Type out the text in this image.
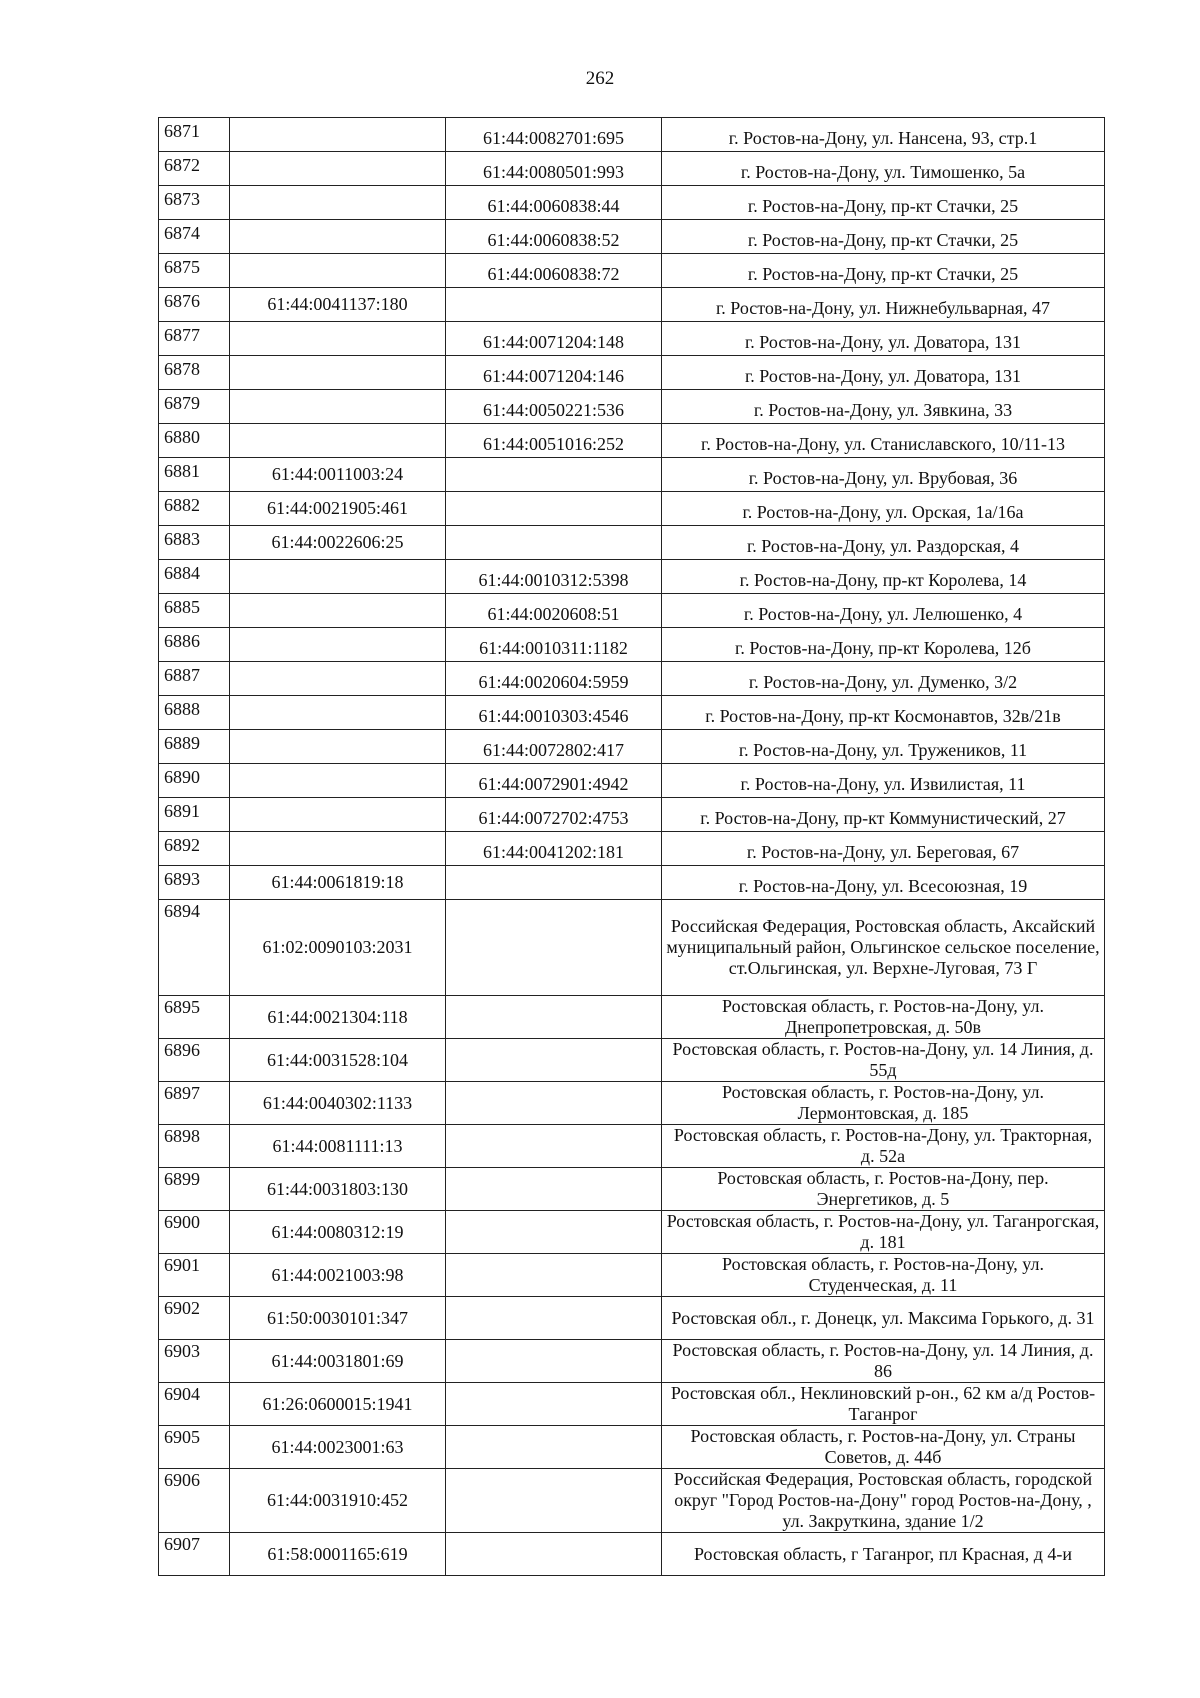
262
6871		61:44:0082701:695	г. Ростов-на-Дону, ул. Нансена, 93, стр.1
6872		61:44:0080501:993	г. Ростов-на-Дону, ул. Тимошенко, 5а
6873		61:44:0060838:44	г. Ростов-на-Дону, пр-кт Стачки, 25
6874		61:44:0060838:52	г. Ростов-на-Дону, пр-кт Стачки, 25
6875		61:44:0060838:72	г. Ростов-на-Дону, пр-кт Стачки, 25
6876	61:44:0041137:180		г. Ростов-на-Дону, ул. Нижнебульварная, 47
6877		61:44:0071204:148	г. Ростов-на-Дону, ул. Доватора, 131
6878		61:44:0071204:146	г. Ростов-на-Дону, ул. Доватора, 131
6879		61:44:0050221:536	г. Ростов-на-Дону, ул. Зявкина, 33
6880		61:44:0051016:252	г. Ростов-на-Дону, ул. Станиславского, 10/11-13
6881	61:44:0011003:24		г. Ростов-на-Дону, ул. Врубовая, 36
6882	61:44:0021905:461		г. Ростов-на-Дону, ул. Орская, 1а/16а
6883	61:44:0022606:25		г. Ростов-на-Дону, ул. Раздорская, 4
6884		61:44:0010312:5398	г. Ростов-на-Дону, пр-кт Королева, 14
6885		61:44:0020608:51	г. Ростов-на-Дону, ул. Лелюшенко, 4
6886		61:44:0010311:1182	г. Ростов-на-Дону, пр-кт Королева, 12б
6887		61:44:0020604:5959	г. Ростов-на-Дону, ул. Думенко, 3/2
6888		61:44:0010303:4546	г. Ростов-на-Дону, пр-кт Космонавтов, 32в/21в
6889		61:44:0072802:417	г. Ростов-на-Дону, ул. Тружеников, 11
6890		61:44:0072901:4942	г. Ростов-на-Дону, ул. Извилистая, 11
6891		61:44:0072702:4753	г. Ростов-на-Дону, пр-кт Коммунистический, 27
6892		61:44:0041202:181	г. Ростов-на-Дону, ул. Береговая, 67
6893	61:44:0061819:18		г. Ростов-на-Дону, ул. Всесоюзная, 19
6894	61:02:0090103:2031		Российская Федерация, Ростовская область, Аксайский муниципальный район, Ольгинское сельское поселение, ст.Ольгинская, ул. Верхне-Луговая, 73 Г
6895	61:44:0021304:118		Ростовская область, г. Ростов-на-Дону, ул. Днепропетровская, д. 50в
6896	61:44:0031528:104		Ростовская область, г. Ростов-на-Дону, ул. 14 Линия, д. 55д
6897	61:44:0040302:1133		Ростовская область, г. Ростов-на-Дону, ул. Лермонтовская, д. 185
6898	61:44:0081111:13		Ростовская область, г. Ростов-на-Дону, ул. Тракторная, д. 52а
6899	61:44:0031803:130		Ростовская область, г. Ростов-на-Дону, пер. Энергетиков, д. 5
6900	61:44:0080312:19		Ростовская область, г. Ростов-на-Дону, ул. Таганрогская, д. 181
6901	61:44:0021003:98		Ростовская область, г. Ростов-на-Дону, ул. Студенческая, д. 11
6902	61:50:0030101:347		Ростовская обл., г. Донецк, ул. Максима Горького, д. 31
6903	61:44:0031801:69		Ростовская область, г. Ростов-на-Дону, ул. 14 Линия, д. 86
6904	61:26:0600015:1941		Ростовская обл., Неклиновский р-он., 62 км а/д Ростов-Таганрог
6905	61:44:0023001:63		Ростовская область, г. Ростов-на-Дону, ул. Страны Советов, д. 44б
6906	61:44:0031910:452		Российская Федерация, Ростовская область, городской округ "Город Ростов-на-Дону" город Ростов-на-Дону, , ул. Закруткина, здание 1/2
6907	61:58:0001165:619		Ростовская область, г Таганрог, пл Красная, д 4-и
